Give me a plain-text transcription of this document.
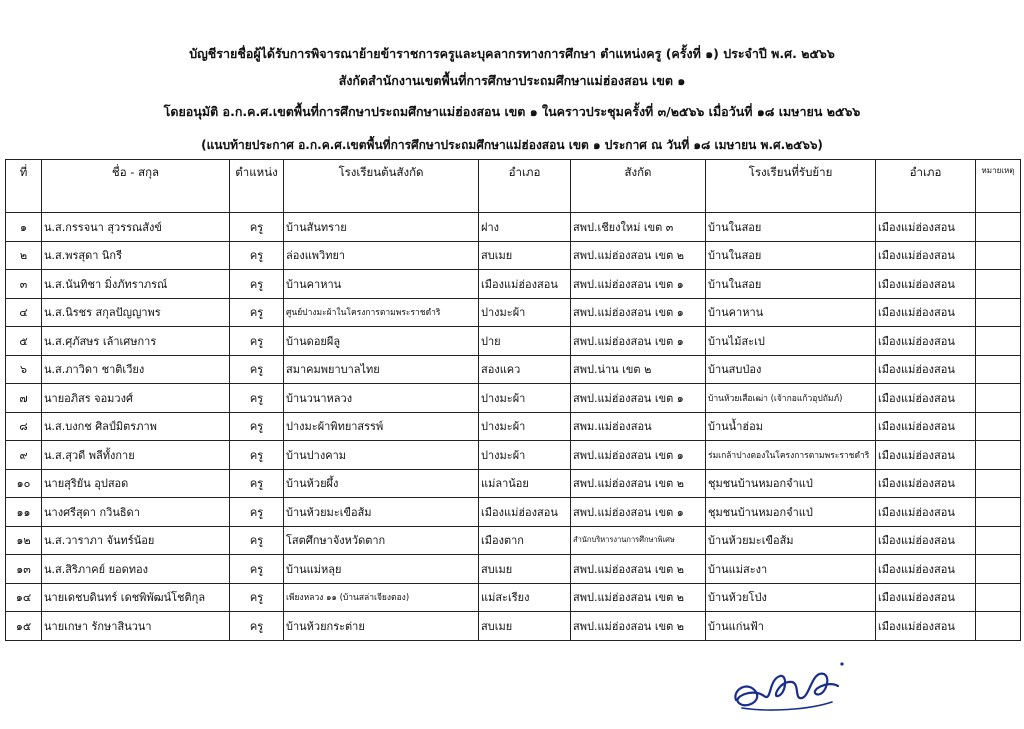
บัญชีรายชื่อผู้ได้รับการพิจารณาย้ายข้าราชการครูและบุคลากรทางการศึกษา ตำแหน่งครู (ครั้งที่ ๑) ประจำปี พ.ศ. ๒๕๖๖
สังกัดสำนักงานเขตพื้นที่การศึกษาประถมศึกษาแม่ฮ่องสอน เขต ๑
โดยอนุมัติ อ.ก.ค.ศ.เขตพื้นที่การศึกษาประถมศึกษาแม่ฮ่องสอน เขต ๑ ในคราวประชุมครั้งที่ ๓/๒๕๖๖ เมื่อวันที่ ๑๘ เมษายน ๒๕๖๖
(แนบท้ายประกาศ อ.ก.ค.ศ.เขตพื้นที่การศึกษาประถมศึกษาแม่ฮ่องสอน เขต ๑ ประกาศ ณ วันที่ ๑๘ เมษายน พ.ศ.๒๕๖๖)
ที่	ชื่อ - สกุล	ตำแหน่ง	โรงเรียนต้นสังกัด	อำเภอ	สังกัด	โรงเรียนที่รับย้าย	อำเภอ	หมายเหตุ
๑	น.ส.กรรจนา สุวรรณสังข์	ครู	บ้านสันทราย	ฝาง	สพป.เชียงใหม่ เขต ๓	บ้านในสอย	เมืองแม่ฮ่องสอน	
๒	น.ส.พรสุดา นิกรี	ครู	ล่องแพวิทยา	สบเมย	สพป.แม่ฮ่องสอน เขต ๒	บ้านในสอย	เมืองแม่ฮ่องสอน	
๓	น.ส.นันทิชา มิ่งภัทราภรณ์	ครู	บ้านคาหาน	เมืองแม่ฮ่องสอน	สพป.แม่ฮ่องสอน เขต ๑	บ้านในสอย	เมืองแม่ฮ่องสอน	
๔	น.ส.นิรชร สกุลปัญญาพร	ครู	ศูนย์ปางมะผ้าในโครงการตามพระราชดำริ	ปางมะผ้า	สพป.แม่ฮ่องสอน เขต ๑	บ้านคาหาน	เมืองแม่ฮ่องสอน	
๕	น.ส.ศุภัสษร เล้าเศษการ	ครู	บ้านดอยผีลู	ปาย	สพป.แม่ฮ่องสอน เขต ๑	บ้านไม้สะเป	เมืองแม่ฮ่องสอน	
๖	น.ส.ภาวิดา ชาติเวียง	ครู	สมาคมพยาบาลไทย	สองแคว	สพป.น่าน เขต ๒	บ้านสบป่อง	เมืองแม่ฮ่องสอน	
๗	นายอภิสร จอมวงศ์	ครู	บ้านวนาหลวง	ปางมะผ้า	สพป.แม่ฮ่องสอน เขต ๑	บ้านห้วยเสือเฒ่า (เจ้ากอแก้วอุปถัมภ์)	เมืองแม่ฮ่องสอน	
๘	น.ส.บงกช ศิลป์มิตรภาพ	ครู	ปางมะผ้าพิทยาสรรพ์	ปางมะผ้า	สพม.แม่ฮ่องสอน	บ้านน้ำฮ่อม	เมืองแม่ฮ่องสอน	
๙	น.ส.สุวดี พลีทั้งกาย	ครู	บ้านปางคาม	ปางมะผ้า	สพป.แม่ฮ่องสอน เขต ๑	ร่มเกล้าปางตองในโครงการตามพระราชดำริ	เมืองแม่ฮ่องสอน	
๑๐	นายสุริยัน อุปสอด	ครู	บ้านห้วยผึ้ง	แม่ลาน้อย	สพป.แม่ฮ่องสอน เขต ๒	ชุมชนบ้านหมอกจำแป่	เมืองแม่ฮ่องสอน	
๑๑	นางศรีสุดา กวินธิดา	ครู	บ้านห้วยมะเขือส้ม	เมืองแม่ฮ่องสอน	สพป.แม่ฮ่องสอน เขต ๑	ชุมชนบ้านหมอกจำแป่	เมืองแม่ฮ่องสอน	
๑๒	น.ส.วาราภา จันทร์น้อย	ครู	โสตศึกษาจังหวัดตาก	เมืองตาก	สำนักบริหารงานการศึกษาพิเศษ	บ้านห้วยมะเขือส้ม	เมืองแม่ฮ่องสอน	
๑๓	น.ส.สิริภาคย์ ยอดทอง	ครู	บ้านแม่หลุย	สบเมย	สพป.แม่ฮ่องสอน เขต ๒	บ้านแม่สะงา	เมืองแม่ฮ่องสอน	
๑๔	นายเดชบดินทร์ เดชพิพัฒน์โชติกุล	ครู	เพียงหลวง ๑๑ (บ้านสล่าเจียงตอง)	แม่สะเรียง	สพป.แม่ฮ่องสอน เขต ๒	บ้านห้วยโป่ง	เมืองแม่ฮ่องสอน	
๑๕	นายเกษา รักษาสินวนา	ครู	บ้านห้วยกระต่าย	สบเมย	สพป.แม่ฮ่องสอน เขต ๒	บ้านแก่นฟ้า	เมืองแม่ฮ่องสอน	
